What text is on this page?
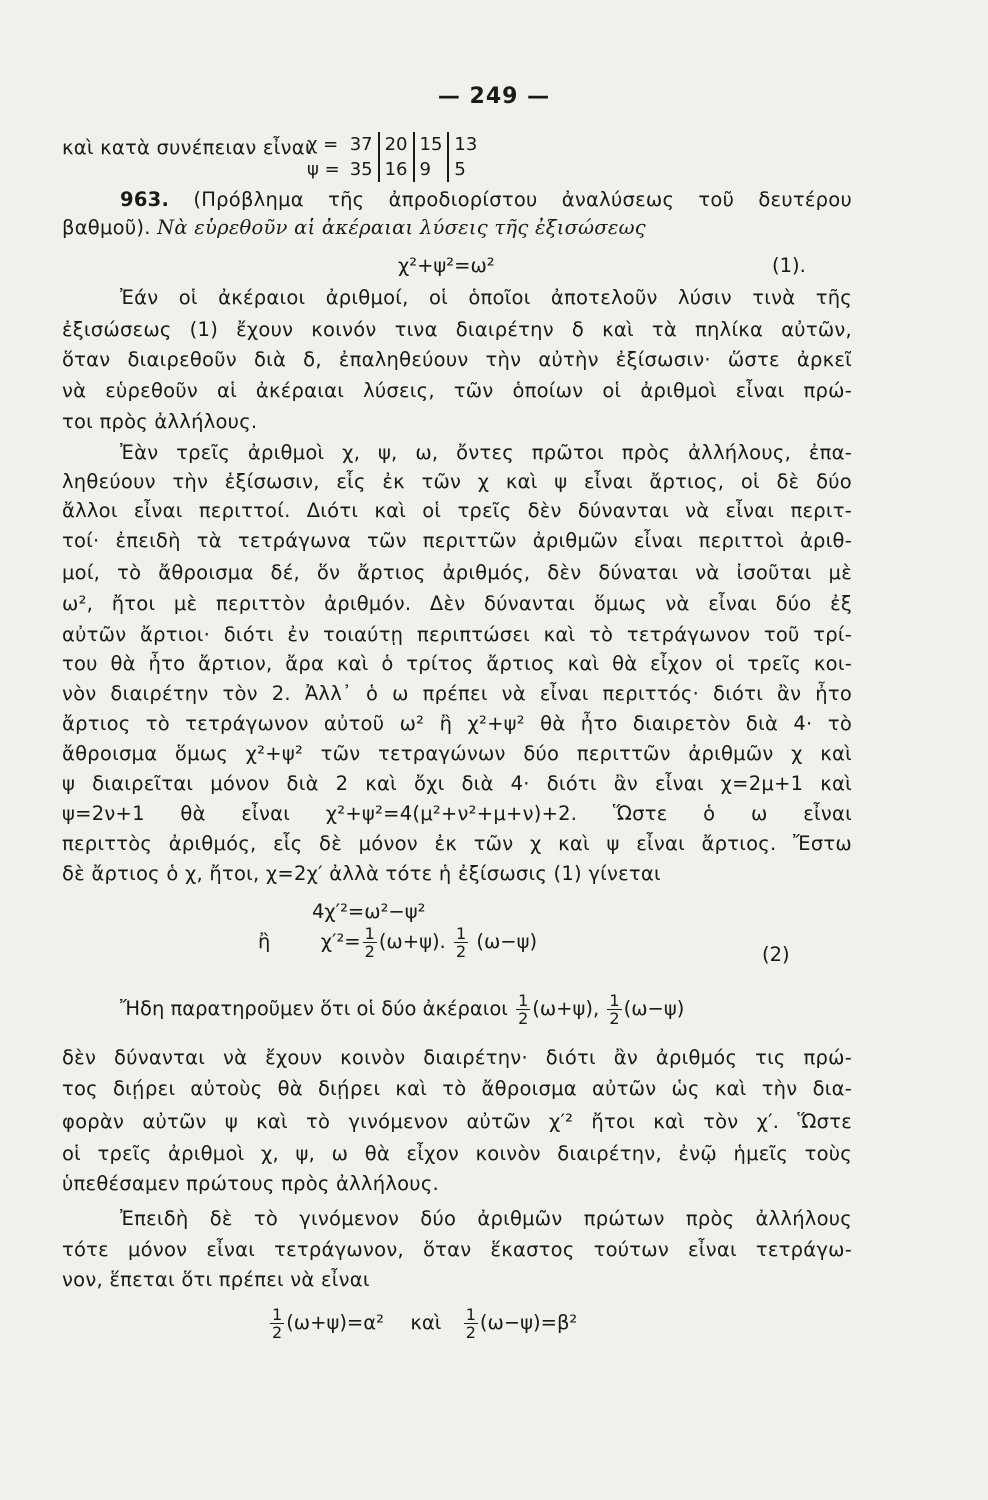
— 249 —
καὶ κατὰ συνέπειαν εἶναι
χ =	37	20	15	13
ψ =	35	16	9	5
963. (Πρόβλημα τῆς ἀπροδιορίστου ἀναλύσεως τοῦ δευτέρου
βαθμοῦ). Νὰ εὑρεθοῦν αἱ ἀκέραιαι λύσεις τῆς ἐξισώσεως
χ²+ψ²=ω²	(1).
Ἐάν οἱ ἀκέραιοι ἀριθμοί, οἱ ὁποῖοι ἀποτελοῦν λύσιν τινὰ τῆς
ἐξισώσεως (1) ἔχουν κοινόν τινα διαιρέτην δ καὶ τὰ πηλίκα αὐτῶν,
ὅταν διαιρεθοῦν διὰ δ, ἐπαληθεύουν τὴν αὐτὴν ἐξίσωσιν· ὥστε ἀρκεῖ
νὰ εὑρεθοῦν αἱ ἀκέραιαι λύσεις, τῶν ὁποίων οἱ ἀριθμοὶ εἶναι πρώ-
τοι πρὸς ἀλλήλους.
Ἐὰν τρεῖς ἀριθμοὶ χ, ψ, ω, ὄντες πρῶτοι πρὸς ἀλλήλους, ἐπα-
ληθεύουν τὴν ἐξίσωσιν, εἷς ἐκ τῶν χ καὶ ψ εἶναι ἄρτιος, οἱ δὲ δύο
ἄλλοι εἶναι περιττοί. Διότι καὶ οἱ τρεῖς δὲν δύνανται νὰ εἶναι περιτ-
τοί· ἐπειδὴ τὰ τετράγωνα τῶν περιττῶν ἀριθμῶν εἶναι περιττοὶ ἀριθ-
μοί, τὸ ἄθροισμα δέ, ὅν ἄρτιος ἀριθμός, δὲν δύναται νὰ ἰσοῦται μὲ
ω², ἤτοι μὲ περιττὸν ἀριθμόν. Δὲν δύνανται ὅμως νὰ εἶναι δύο ἐξ
αὐτῶν ἄρτιοι· διότι ἐν τοιαύτῃ περιπτώσει καὶ τὸ τετράγωνον τοῦ τρί-
του θὰ ἦτο ἄρτιον, ἄρα καὶ ὁ τρίτος ἄρτιος καὶ θὰ εἶχον οἱ τρεῖς κοι-
νὸν διαιρέτην τὸν 2. Ἀλλ᾽ ὁ ω πρέπει νὰ εἶναι περιττός· διότι ἂν ἦτο
ἄρτιος τὸ τετράγωνον αὐτοῦ ω² ἢ χ²+ψ² θὰ ἦτο διαιρετὸν διὰ 4· τὸ
ἄθροισμα ὅμως χ²+ψ² τῶν τετραγώνων δύο περιττῶν ἀριθμῶν χ καὶ
ψ διαιρεῖται μόνον διὰ 2 καὶ ὄχι διὰ 4· διότι ἂν εἶναι χ=2μ+1 καὶ
ψ=2ν+1 θὰ εἶναι χ²+ψ²=4(μ²+ν²+μ+ν)+2. Ὥστε ὁ ω εἶναι
περιττὸς ἀριθμός, εἷς δὲ μόνον ἐκ τῶν χ καὶ ψ εἶναι ἄρτιος. Ἔστω
δὲ ἄρτιος ὁ χ, ἤτοι, χ=2χ′ ἀλλὰ τότε ἡ ἐξίσωσις (1) γίνεται
4χ′²=ω²−ψ²
ἢ	$\chi'^2= \frac{1}{2} (\omega+\psi)$. $\frac{1}{2} (\omega-\psi)$
(2)
Ἤδη παρατηροῦμεν ὅτι οἱ δύο ἀκέραιοι $\frac{1}{2} (\omega+\psi)$, $\frac{1}{2} (\omega-\psi)$
δὲν δύνανται νὰ ἔχουν κοινὸν διαιρέτην· διότι ἂν ἀριθμός τις πρώ-
τος διῄρει αὐτοὺς θὰ διῄρει καὶ τὸ ἄθροισμα αὐτῶν ὡς καὶ τὴν δια-
φορὰν αὐτῶν ψ καὶ τὸ γινόμενον αὐτῶν χ′² ἤτοι καὶ τὸν χ′. Ὥστε
οἱ τρεῖς ἀριθμοὶ χ, ψ, ω θὰ εἶχον κοινὸν διαιρέτην, ἐνῷ ἡμεῖς τοὺς
ὑπεθέσαμεν πρώτους πρὸς ἀλλήλους.
Ἐπειδὴ δὲ τὸ γινόμενον δύο ἀριθμῶν πρώτων πρὸς ἀλλήλους
τότε μόνον εἶναι τετράγωνον, ὅταν ἕκαστος τούτων εἶναι τετράγω-
νον, ἕπεται ὅτι πρέπει νὰ εἶναι
$\frac{1}{2} (\omega+\psi)=\alpha^2$ καὶ $\frac{1}{2} (\omega-\psi)=\beta^2$
